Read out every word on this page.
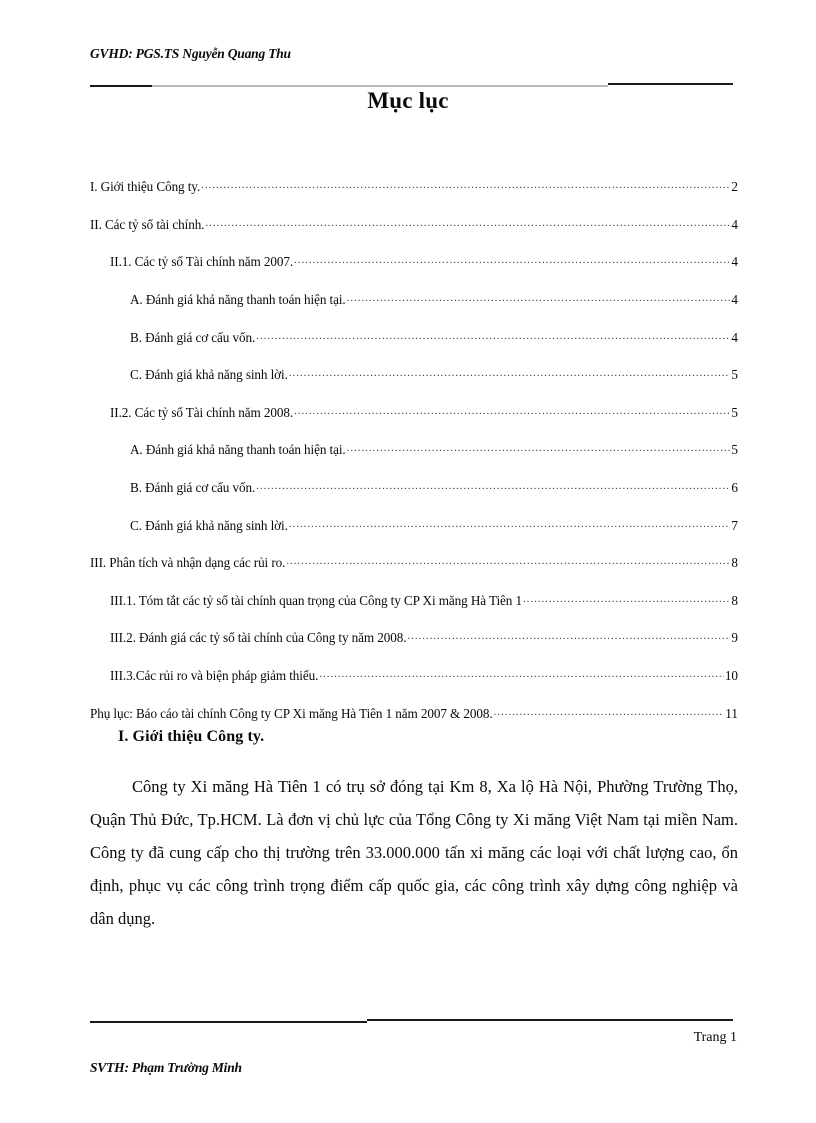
GVHD: PGS.TS Nguyễn Quang Thu
Mục lục
I. Giới thiệu Công ty. . . .	2
II. Các tỷ số tài chính. . . .	4
II.1. Các tỷ số Tài chính năm 2007. . . .	4
A. Đánh giá khả năng thanh toán hiện tại. . . .	4
B. Đánh giá cơ cấu vốn. . . .	4
C. Đánh giá khả năng sinh lời. . . .	5
II.2. Các tỷ số Tài chính năm 2008. . . .	5
A. Đánh giá khả năng thanh toán hiện tại. . . .	5
B. Đánh giá cơ cấu vốn. . . .	6
C. Đánh giá khả năng sinh lời. . . .	7
III. Phân tích và nhận dạng các rủi ro. . . .	8
III.1. Tóm tắt các tỷ số tài chính quan trọng của Công ty CP Xi măng Hà Tiên 1 . . .	8
III.2. Đánh giá các tỷ số tài chính của Công ty năm 2008. . . .	9
III.3.Các rủi ro và biện pháp giảm thiểu. . . .	10
Phụ lục: Báo cáo tài chính Công ty CP Xi măng Hà Tiên 1 năm 2007 & 2008. . . .	11
I. Giới thiệu Công ty.
Công ty Xi măng Hà Tiên 1 có trụ sở đóng tại Km 8, Xa lộ Hà Nội, Phường Trường Thọ, Quận Thủ Đức, Tp.HCM. Là đơn vị chủ lực của Tổng Công ty Xi măng Việt Nam tại miền Nam. Công ty đã cung cấp cho thị trường trên 33.000.000 tấn xi măng các loại với chất lượng cao, ổn định, phục vụ các công trình trọng điểm cấp quốc gia, các công trình xây dựng công nghiệp và dân dụng.
Trang 1
SVTH: Phạm Trường Minh
